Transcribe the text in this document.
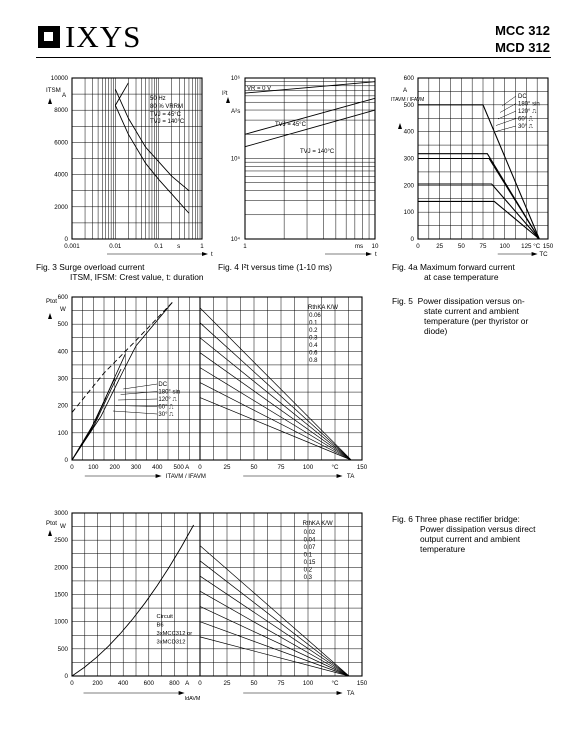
IXYS	MCC 312
MCD 312
0
2000
4000
6000
8000
10000
0.001	0.01	0.1 s	1
ITSM
A
t
50 Hz
80 % VRRM
TVJ = 45°C
TVJ = 140°C
10⁶
10⁵
10⁴
1	ms 10
I²t
A²s
t
VR = 0 V
TVJ = 45°C
TVJ = 140°C
0
100
200
300
400
500
600
0	25 50 75 100 125 °C 150
ITAVM / IFAVM
A
TC
DC
180° sin
120° ⎍
60° ⎍
30° ⎍
0
100
200
300
400
500
600
0 100 200 300 400 500 A 0	25	50	75	100	°C	150
Ptot
W
ITAVM / IFAVM	TA
DC
180° sin
120° ⎍
60° ⎍
30° ⎍
RthKA K/W
0.06
0.1
0.2
0.3
0.4
0.6
0.8
0
500
1000
1500
2000
2500
3000
0	200 400 600 800 A 0	25	50	75	100	°C	150
Ptot W
IdAVM
TA
Circuit
B6
3xMCC312 or
3xMCD312
RthKA K/W
0.02
0.04
0.07
0.1
0.15
0.2
0.3
Fig. 3 Surge overload current
ITSM, IFSM: Crest value, t: duration
Fig. 4 I²t versus time (1-10 ms)	Fig. 4a Maximum forward current
at case temperature
Fig. 5 Power dissipation versus on-
state current and ambient
temperature (per thyristor or
diode)
Fig. 6 Three phase rectifier bridge:
Power dissipation versus direct
output current and ambient
temperature
